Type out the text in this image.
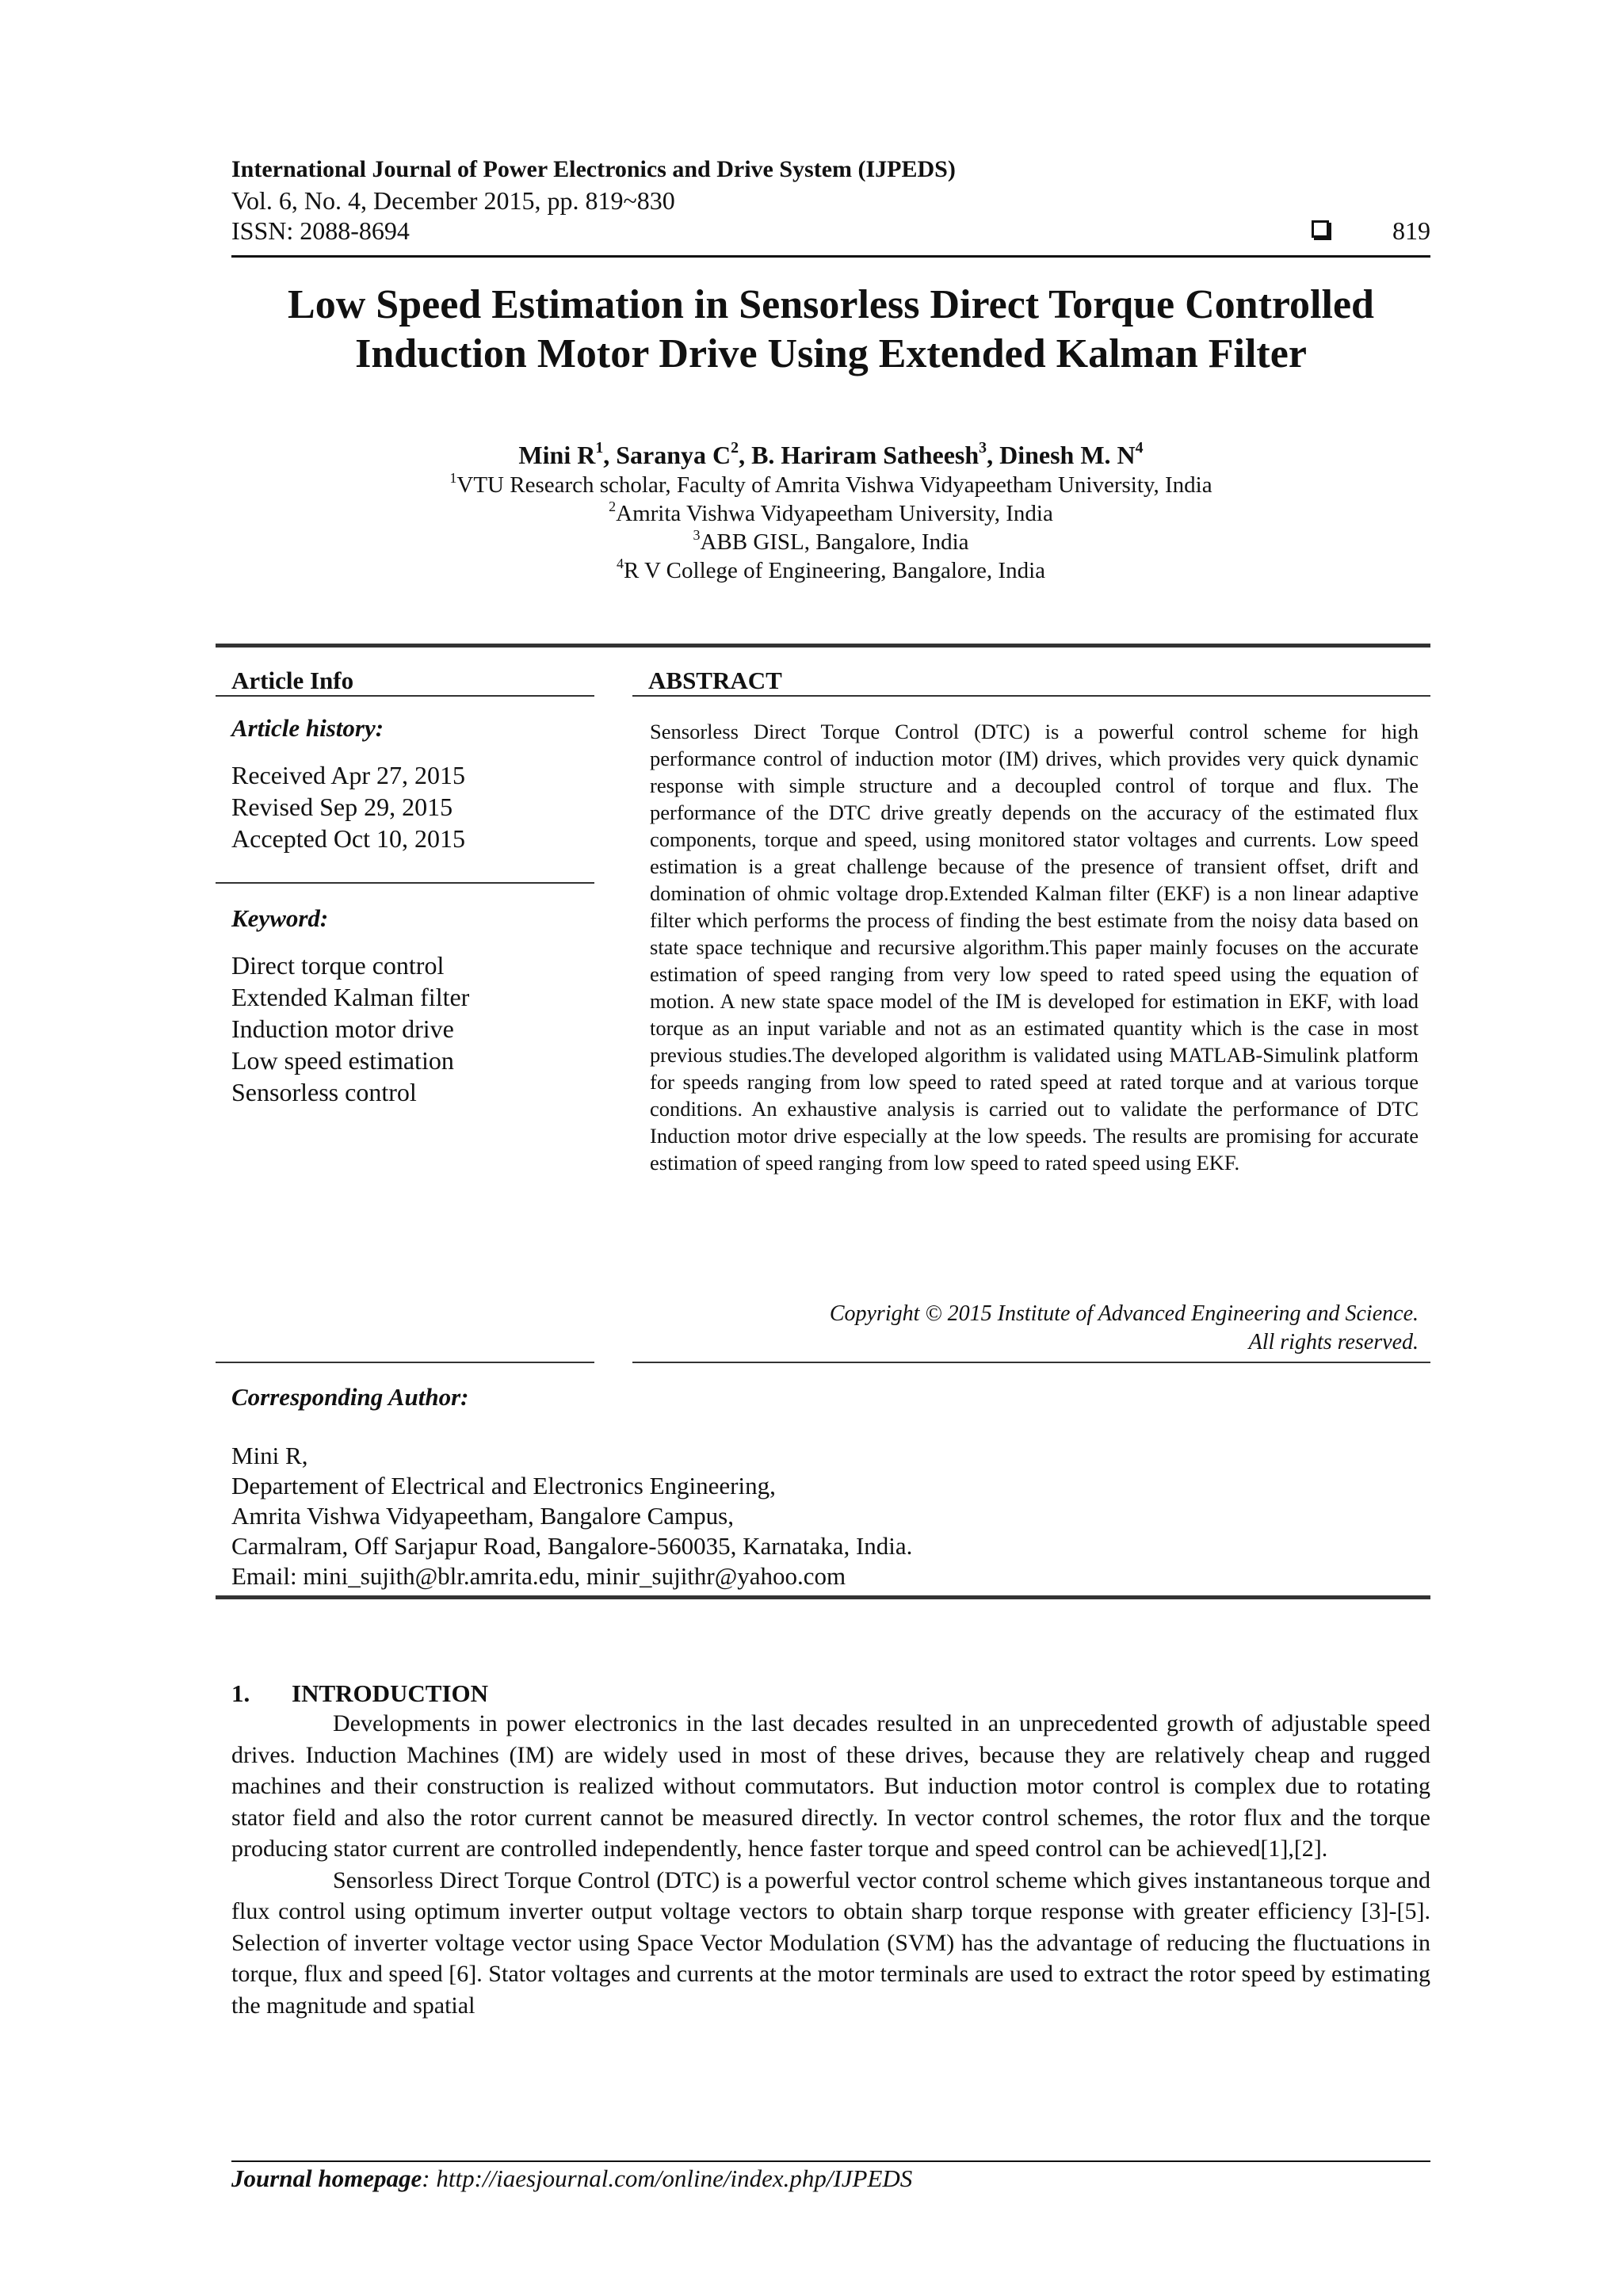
International Journal of Power Electronics and Drive System (IJPEDS)
Vol. 6, No. 4, December 2015, pp. 819~830
ISSN: 2088-8694	819
Low Speed Estimation in Sensorless Direct Torque Controlled
Induction Motor Drive Using Extended Kalman Filter
Mini $R^1$, Saranya $C^2$, B. Hariram Satheesh$^3$, Dinesh M. $N^4$
$^1$VTU Research scholar, Faculty of Amrita Vishwa Vidyapeetham University, India
$^2$Amrita Vishwa Vidyapeetham University, India
$^3$ABB GISL, Bangalore, India
$^4$R V College of Engineering, Bangalore, India
Article Info
Article history:
Received Apr 27, 2015
Revised Sep 29, 2015
Accepted Oct 10, 2015
Keyword:
Direct torque control
Extended Kalman filter
Induction motor drive
Low speed estimation
Sensorless control
ABSTRACT

Sensorless Direct Torque Control (DTC) is a powerful control scheme for high performance control of induction motor (IM) drives, which provides very quick dynamic response with simple structure and a decoupled control of torque and flux. The performance of the DTC drive greatly depends on the accuracy of the estimated flux components, torque and speed, using monitored stator voltages and currents. Low speed estimation is a great challenge because of the presence of transient offset, drift and domination of ohmic voltage drop.Extended Kalman filter (EKF) is a non linear adaptive filter which performs the process of finding the best estimate from the noisy data based on state space technique and recursive algorithm.This paper mainly focuses on the accurate estimation of speed ranging from very low speed to rated speed using the equation of motion. A new state space model of the IM is developed for estimation in EKF, with load torque as an input variable and not as an estimated quantity which is the case in most previous studies.The developed algorithm is validated using MATLAB-Simulink platform for speeds ranging from low speed to rated speed at rated torque and at various torque conditions. An exhaustive analysis is carried out to validate the performance of DTC Induction motor drive especially at the low speeds. The results are promising for accurate estimation of speed ranging from low speed to rated speed using EKF.

Copyright © 2015 Institute of Advanced Engineering and Science.
All rights reserved.
Corresponding Author:
Mini R,
Departement of Electrical and Electronics Engineering,
Amrita Vishwa Vidyapeetham, Bangalore Campus,
Carmalram, Off Sarjapur Road, Bangalore-560035, Karnataka, India.
Email: mini_sujith@blr.amrita.edu, minir_sujithr@yahoo.com
1. INTRODUCTION

Developments in power electronics in the last decades resulted in an unprecedented growth of adjustable speed drives. Induction Machines (IM) are widely used in most of these drives, because they are relatively cheap and rugged machines and their construction is realized without commutators. But induction motor control is complex due to rotating stator field and also the rotor current cannot be measured directly. In vector control schemes, the rotor flux and the torque producing stator current are controlled independently, hence faster torque and speed control can be achieved[1],[2].

Sensorless Direct Torque Control (DTC) is a powerful vector control scheme which gives instantaneous torque and flux control using optimum inverter output voltage vectors to obtain sharp torque response with greater efficiency [3]-[5]. Selection of inverter voltage vector using Space Vector Modulation (SVM) has the advantage of reducing the fluctuations in torque, flux and speed [6]. Stator voltages and currents at the motor terminals are used to extract the rotor speed by estimating the magnitude and spatial

Journal homepage: http://iaesjournal.com/online/index.php/IJPEDS
